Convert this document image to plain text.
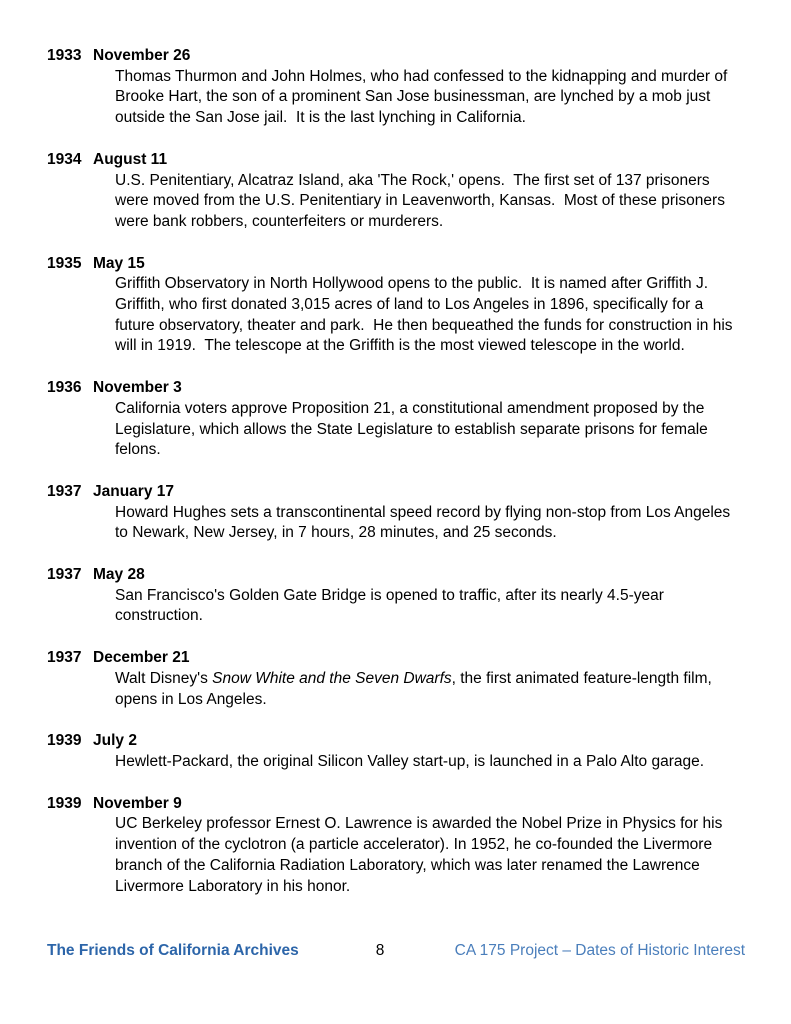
1933 November 26
Thomas Thurmon and John Holmes, who had confessed to the kidnapping and murder of Brooke Hart, the son of a prominent San Jose businessman, are lynched by a mob just outside the San Jose jail.  It is the last lynching in California.
1934 August 11
U.S. Penitentiary, Alcatraz Island, aka 'The Rock,' opens.  The first set of 137 prisoners were moved from the U.S. Penitentiary in Leavenworth, Kansas.  Most of these prisoners were bank robbers, counterfeiters or murderers.
1935 May 15
Griffith Observatory in North Hollywood opens to the public.  It is named after Griffith J. Griffith, who first donated 3,015 acres of land to Los Angeles in 1896, specifically for a future observatory, theater and park.  He then bequeathed the funds for construction in his will in 1919.  The telescope at the Griffith is the most viewed telescope in the world.
1936 November 3
California voters approve Proposition 21, a constitutional amendment proposed by the Legislature, which allows the State Legislature to establish separate prisons for female felons.
1937 January 17
Howard Hughes sets a transcontinental speed record by flying non-stop from Los Angeles to Newark, New Jersey, in 7 hours, 28 minutes, and 25 seconds.
1937 May 28
San Francisco's Golden Gate Bridge is opened to traffic, after its nearly 4.5-year construction.
1937 December 21
Walt Disney's Snow White and the Seven Dwarfs, the first animated feature-length film, opens in Los Angeles.
1939 July 2
Hewlett-Packard, the original Silicon Valley start-up, is launched in a Palo Alto garage.
1939 November 9
UC Berkeley professor Ernest O. Lawrence is awarded the Nobel Prize in Physics for his invention of the cyclotron (a particle accelerator). In 1952, he co-founded the Livermore branch of the California Radiation Laboratory, which was later renamed the Lawrence Livermore Laboratory in his honor.
The Friends of California Archives	8	CA 175 Project – Dates of Historic Interest
